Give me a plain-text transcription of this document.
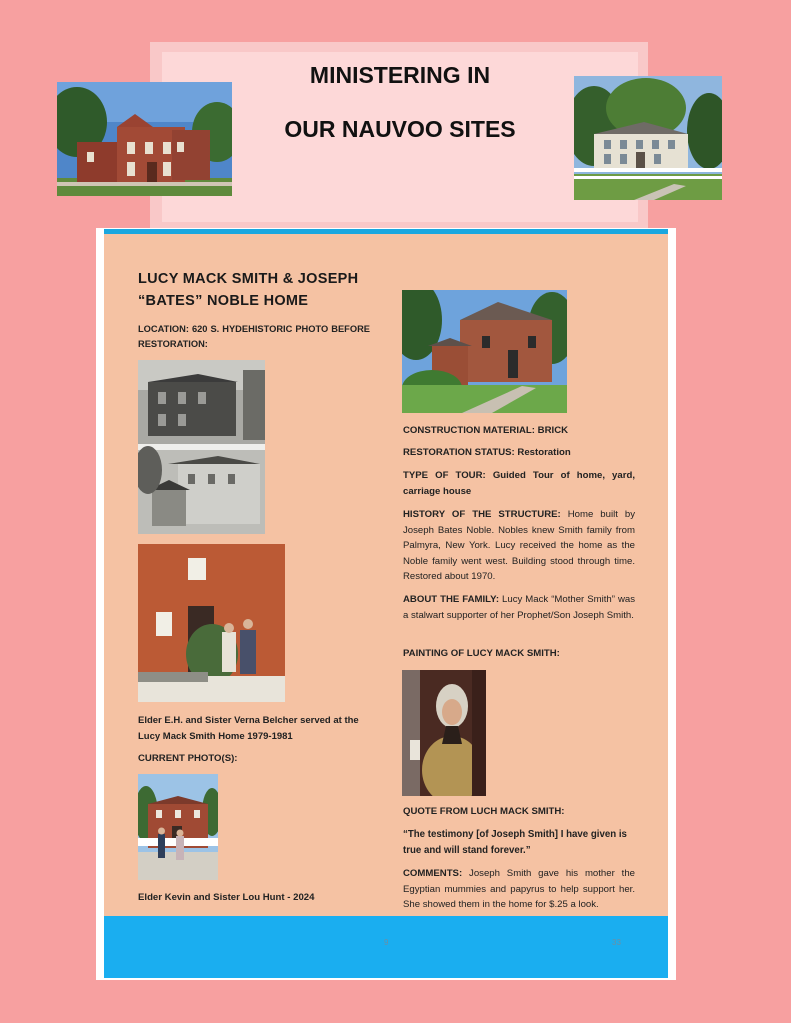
MINISTERING IN
OUR NAUVOO SITES
9	33
LUCY MACK SMITH & JOSEPH “BATES” NOBLE HOME
LOCATION: 620 S. HYDEHISTORIC PHOTO BEFORE RESTORATION:
Elder E.H. and Sister Verna Belcher served at the Lucy Mack Smith Home 1979-1981
CURRENT PHOTO(S):
Elder Kevin and Sister Lou Hunt - 2024
CONSTRUCTION MATERIAL: BRICK
RESTORATION STATUS: Restoration
TYPE OF TOUR: Guided Tour of home, yard, carriage house
HISTORY OF THE STRUCTURE: Home built by Joseph Bates Noble. Nobles knew Smith family from Palmyra, New York. Lucy received the home as the Noble family went west. Building stood through time. Restored about 1970.
ABOUT THE FAMILY: Lucy Mack “Mother Smith” was a stalwart supporter of her Prophet/Son Joseph Smith.
PAINTING OF LUCY MACK SMITH:
QUOTE FROM LUCH MACK SMITH:
“The testimony [of Joseph Smith] I have given is true and will stand forever.”
COMMENTS: Joseph Smith gave his mother the Egyptian mummies and papyrus to help support her. She showed them in the home for $.25 a look.
